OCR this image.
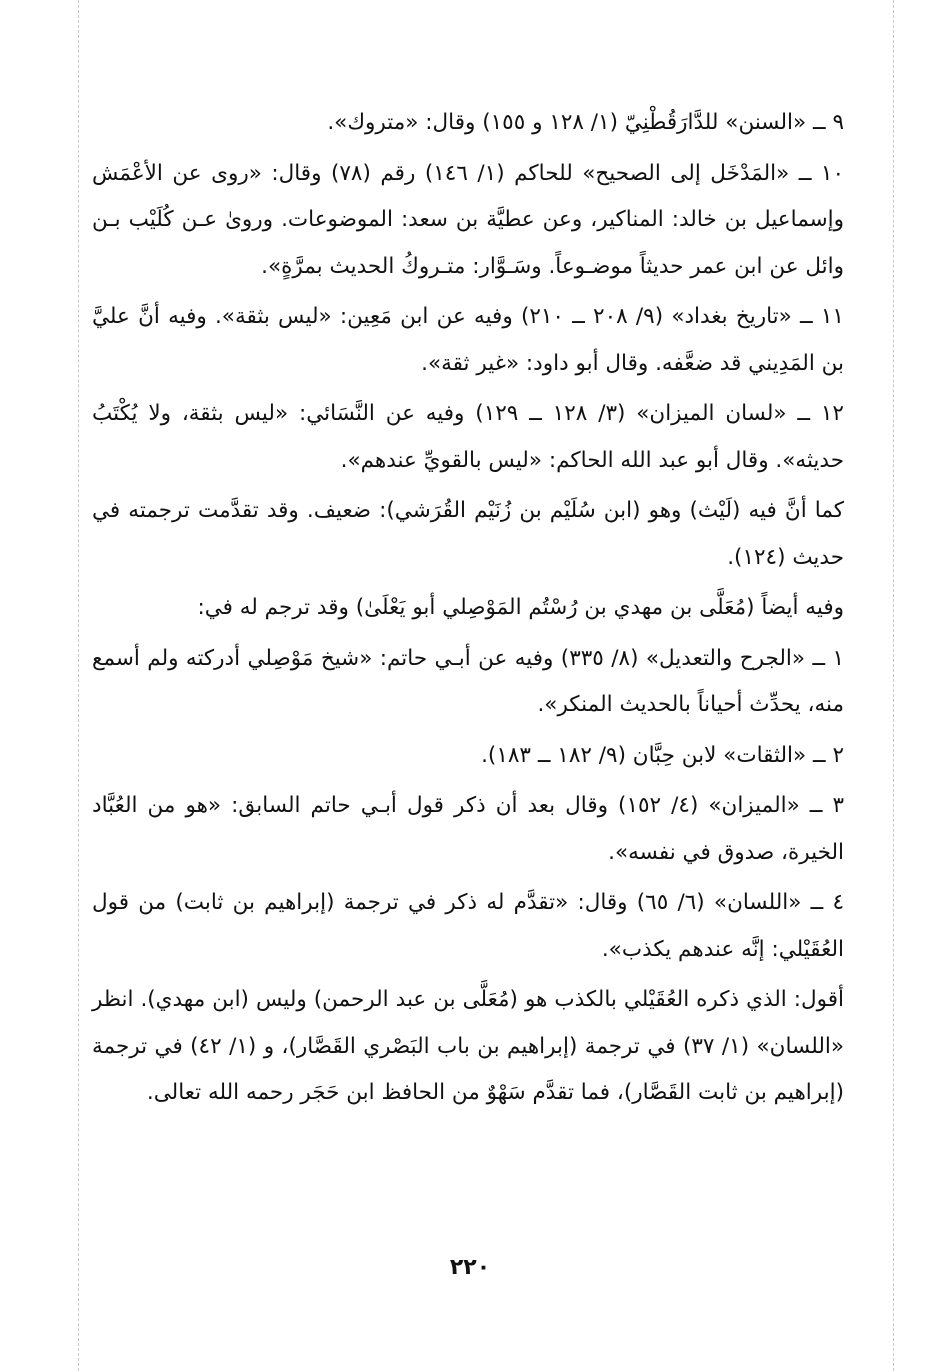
٩ ــ «السنن» للدَّارَقُطْنِيّ (١/ ١٢٨ و ١٥٥) وقال: «متروك».

١٠ ــ «المَدْخَل إلى الصحيح» للحاكم (١/ ١٤٦) رقم (٧٨) وقال: «روى عن الأعْمَش وإسماعيل بن خالد: المناكير، وعن عطيَّة بن سعد: الموضوعات. وروىٰ عـن كُلَيْب بـن وائل عن ابن عمر حديثاً موضـوعاً. وسَـوَّار: متـروكُ الحديث بمرَّةٍ».

١١ ــ «تاريخ بغداد» (٩/ ٢٠٨ ــ ٢١٠) وفيه عن ابن مَعِين: «ليس بثقة». وفيه أنَّ عليَّ بن المَدِيني قد ضعَّفه. وقال أبو داود: «غير ثقة».

١٢ ــ «لسان الميزان» (٣/ ١٢٨ ــ ١٢٩) وفيه عن النَّسَائي: «ليس بثقة، ولا يُكْتَبُ حديثه». وقال أبو عبد الله الحاكم: «ليس بالقويِّ عندهم».

كما أنَّ فيه (لَيْث) وهو (ابن سُلَيْم بن زُنَيْم القُرَشي): ضعيف. وقد تقدَّمت ترجمته في حديث (١٢٤).

وفيه أيضاً (مُعَلَّى بن مهدي بن رُسْتُم المَوْصِلي أبو يَعْلَىٰ) وقد ترجم له في:

١ ــ «الجرح والتعديل» (٨/ ٣٣٥) وفيه عن أبـي حاتم: «شيخ مَوْصِلي أدركته ولم أسمع منه، يحدِّث أحياناً بالحديث المنكر».

٢ ــ «الثقات» لابن حِبَّان (٩/ ١٨٢ ــ ١٨٣).

٣ ــ «الميزان» (٤/ ١٥٢) وقال بعد أن ذكر قول أبـي حاتم السابق: «هو من العُبَّاد الخيرة، صدوق في نفسه».

٤ ــ «اللسان» (٦/ ٦٥) وقال: «تقدَّم له ذكر في ترجمة (إبراهيم بن ثابت) من قول العُقَيْلي: إنَّه عندهم يكذب».

أقول: الذي ذكره العُقَيْلي بالكذب هو (مُعَلَّى بن عبد الرحمن) وليس (ابن مهدي). انظر «اللسان» (١/ ٣٧) في ترجمة (إبراهيم بن باب البَصْري القَصَّار)، و (١/ ٤٢) في ترجمة (إبراهيم بن ثابت القَصَّار)، فما تقدَّم سَهْوٌ من الحافظ ابن حَجَر رحمه الله تعالى.

٢٢٠
